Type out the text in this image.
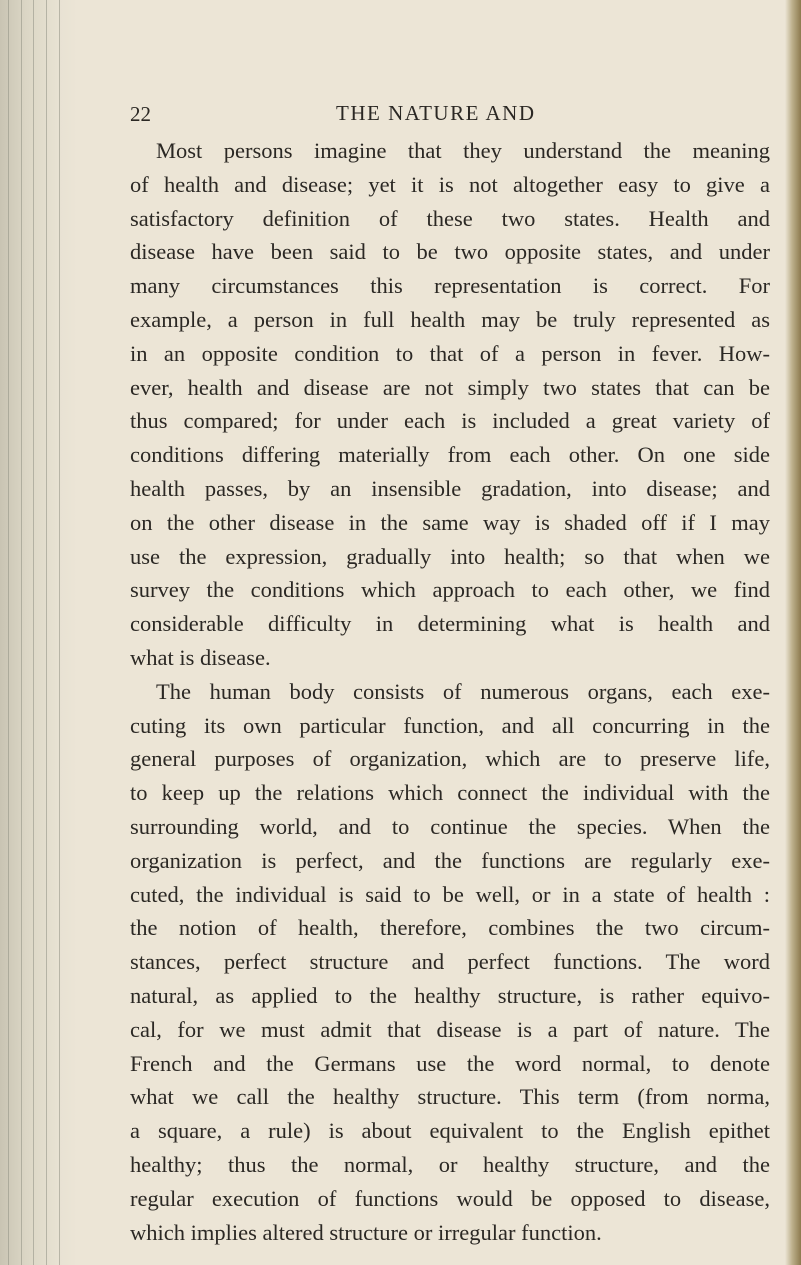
22	THE NATURE AND

Most persons imagine that they understand the meaning
of health and disease; yet it is not altogether easy to give a
satisfactory definition of these two states. Health and
disease have been said to be two opposite states, and under
many circumstances this representation is correct. For
example, a person in full health may be truly represented as
in an opposite condition to that of a person in fever. How-
ever, health and disease are not simply two states that can be
thus compared; for under each is included a great variety of
conditions differing materially from each other. On one side
health passes, by an insensible gradation, into disease; and
on the other disease in the same way is shaded off if I may
use the expression, gradually into health; so that when we
survey the conditions which approach to each other, we find
considerable difficulty in determining what is health and
what is disease.

The human body consists of numerous organs, each exe-
cuting its own particular function, and all concurring in the
general purposes of organization, which are to preserve life,
to keep up the relations which connect the individual with the
surrounding world, and to continue the species. When the
organization is perfect, and the functions are regularly exe-
cuted, the individual is said to be well, or in a state of health :
the notion of health, therefore, combines the two circum-
stances, perfect structure and perfect functions. The word
natural, as applied to the healthy structure, is rather equivo-
cal, for we must admit that disease is a part of nature. The
French and the Germans use the word normal, to denote
what we call the healthy structure. This term (from norma,
a square, a rule) is about equivalent to the English epithet
healthy; thus the normal, or healthy structure, and the
regular execution of functions would be opposed to disease,
which implies altered structure or irregular function.
